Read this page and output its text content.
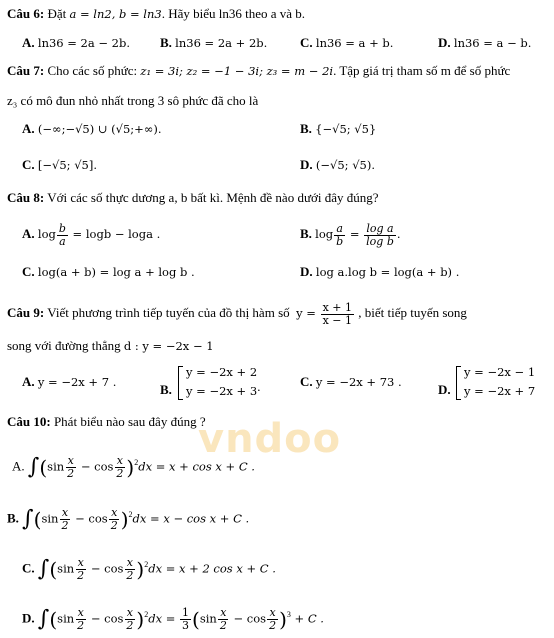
vndoo
Câu 6: Đặt a = ln2, b = ln3. Hãy biểu ln36 theo a và b.
A. ln36 = 2a − 2b. B. ln36 = 2a + 2b.	C. ln36 = a + b.	D. ln36 = a − b.
Câu 7: Cho các số phức: z₁ = 3i; z₂ = −1 − 3i; z₃ = m − 2i. Tập giá trị tham số m để số phức
z₃ có mô đun nhỏ nhất trong 3 sô phức đã cho là
A. (−∞;−√5) ∪ (√5;+∞).	B. {−√5; √5}
C. [−√5; √5].	D. (−√5; √5).
Câu 8: Với các số thực dương a, b bất kì. Mệnh đề nào dưới đây đúng?
A. $\log \frac{b}{a} = \log b - \log a$ .	B. $\log \frac{a}{b} = \frac{\text{log a}}{\text{log b}}$ .
C. log(a + b) = log a + log b .	D. log a.log b = log(a + b) .
Câu 9: Viết phương trình tiếp tuyến của đồ thị hàm số  $y = \frac{x + 1}{x - 1}$ , biết tiếp tuyến song
song với đường thẳng d : y = −2x − 1
A. y = −2x + 7 .	B.
y = −2x + 2
y = −2x + 3 .	C. y = −2x + 73 .	D.
y = −2x − 1
y = −2x + 7
Câu 10: Phát biểu nào sau đây đúng ?
A. $\int(\sin \frac{x}{2} - \cos \frac{x}{2} )^2dx = x + \cos x + C$ .
B. $\int(\sin \frac{x}{2} - \cos \frac{x}{2} )^2dx = x - \cos x + C$ .
C. $\int(\sin \frac{x}{2} - \cos \frac{x}{2} )^2dx = x + 2$ cos x + C .
D. $\int(\sin \frac{x}{2} - \cos \frac{x}{2} )^2dx = \frac{1}{3} (\sin \frac{x}{2} - \cos \frac{x}{2} )^3 + C$ .
